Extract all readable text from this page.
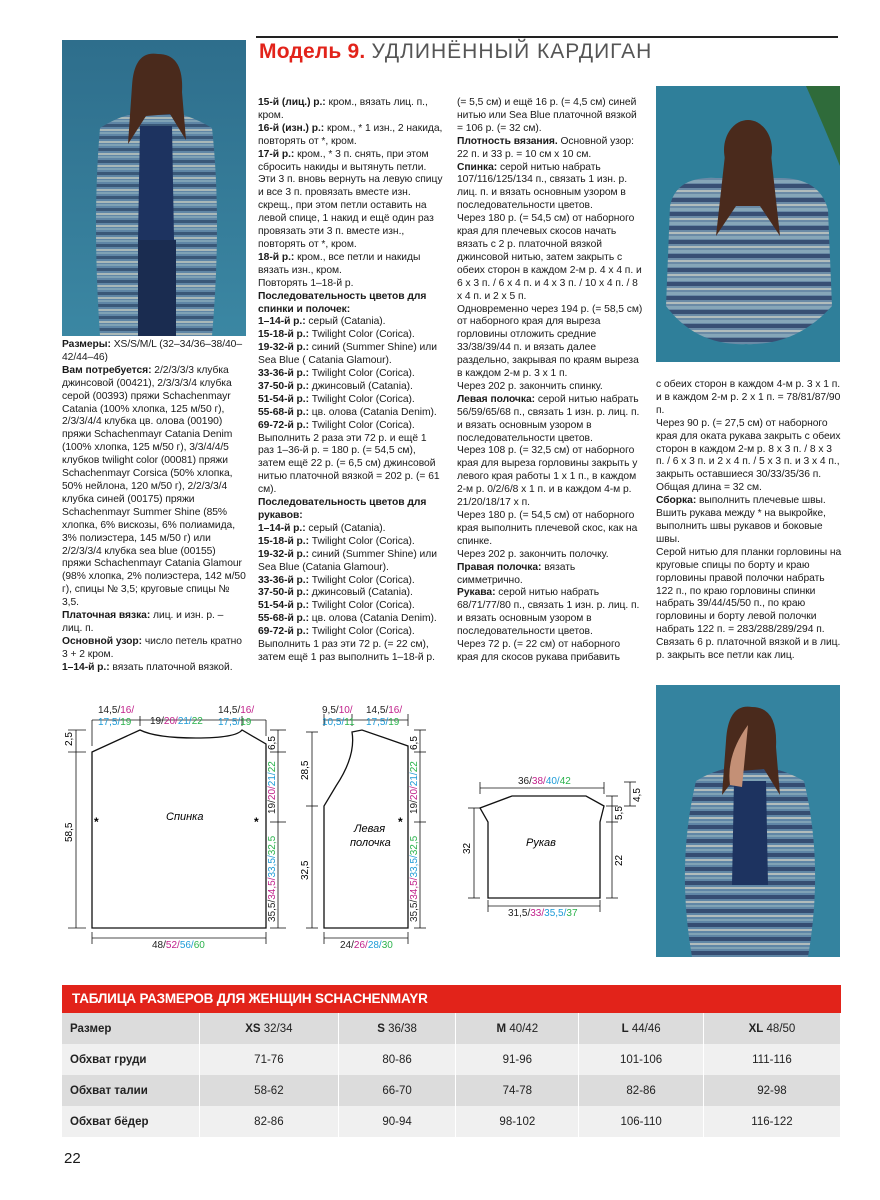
Модель 9. УДЛИНЁННЫЙ КАРДИГАН

Размеры: XS/S/M/L (32–34/36–38/40–42/44–46)

Вам потребуется: 2/2/3/3/3 клубка джинсовой (00421), 2/3/3/3/4 клубка серой (00393) пряжи Schachenmayr Catania (100% хлопка, 125 м/50 г), 2/3/3/4/4 клубка цв. олова (00190) пряжи Schachenmayr Catania Denim (100% хлопка, 125 м/50 г), 3/3/4/4/5 клубков twilight color (00081) пряжи Schachenmayr Corsica (50% хлопка, 50% нейлона, 120 м/50 г), 2/2/3/3/4 клубка синей (00175) пряжи Schachenmayr Summer Shine (85% хлопка, 6% вискозы, 6% полиамида, 3% полиэстера, 145 м/50 г) или 2/2/3/3/4 клубка sea blue (00155) пряжи Schachenmayr Catania Glamour (98% хлопка, 2% полиэстера, 142 м/50 г), спицы № 3,5; круговые спицы № 3,5.

Платочная вязка: лиц. и изн. р. – лиц. п.

Основной узор: число петель кратно 3 + 2 кром.

1–14-й р.: вязать платочной вязкой.

15-й (лиц.) р.: кром., вязать лиц. п., кром.

16-й (изн.) р.: кром., * 1 изн., 2 накида, повторять от *, кром.

17-й р.: кром., * 3 п. снять, при этом сбросить накиды и вытянуть петли. Эти 3 п. вновь вернуть на левую спицу и все 3 п. провязать вместе изн. скрещ., при этом петли оставить на левой спице, 1 накид и ещё один раз провязать эти 3 п. вместе изн., повторять от *, кром.

18-й р.: кром., все петли и накиды вязать изн., кром.

Повторять 1–18-й р.

Последовательность цветов для спинки и полочек:

1–14-й р.: серый (Catania).

15-18-й р.: Twilight Color (Corica).

19-32-й р.: синий (Summer Shine) или Sea Blue ( Catania Glamour).

33-36-й р.: Twilight Color (Corica).

37-50-й р.: джинсовый (Catania).

51-54-й р.: Twilight Color (Corica).

55-68-й р.: цв. олова (Catania Denim).

69-72-й р.: Twilight Color (Corica).

Выполнить 2 раза эти 72 р. и ещё 1 раз 1–36-й р. = 180 р. (= 54,5 см), затем ещё 22 р. (= 6,5 см) джинсовой нитью платочной вязкой = 202 р. (= 61 см).

Последовательность цветов для рукавов:

1–14-й р.: серый (Catania).

15-18-й р.: Twilight Color (Corica).

19-32-й р.: синий (Summer Shine) или Sea Blue (Catania Glamour).

33-36-й р.: Twilight Color (Corica).

37-50-й р.: джинсовый (Catania).

51-54-й р.: Twilight Color (Corica).

55-68-й р.: цв. олова (Catania Denim).

69-72-й р.: Twilight Color (Corica).

Выполнить 1 раз эти 72 р. (= 22 см), затем ещё 1 раз выполнить 1–18-й р.

(= 5,5 см) и ещё 16 р. (= 4,5 см) синей нитью или Sea Blue платочной вязкой = 106 р. (= 32 см).

Плотность вязания. Основной узор: 22 п. и 33 р. = 10 см х 10 см.

Спинка: серой нитью набрать 107/116/125/134 п., связать 1 изн. р. лиц. п. и вязать основным узором в последовательности цветов.

Через 180 р. (= 54,5 см) от наборного края для плечевых скосов начать вязать с 2 р. платочной вязкой джинсовой нитью, затем закрыть с обеих сторон в каждом 2-м р. 4 х 4 п. и 6 х 3 п. / 6 х 4 п. и 4 х 3 п. / 10 х 4 п. / 8 х 4 п. и 2 х 5 п.

Одновременно через 194 р. (= 58,5 см) от наборного края для выреза горловины отложить средние 33/38/39/44 п. и вязать далее раздельно, закрывая по краям выреза в каждом 2-м р. 3 х 1 п.

Через 202 р. закончить спинку.

Левая полочка: серой нитью набрать 56/59/65/68 п., связать 1 изн. р. лиц. п. и вязать основным узором в последовательности цветов.

Через 108 р. (= 32,5 см) от наборного края для выреза горловины закрыть у левого края работы 1 х 1 п., в каждом 2-м р. 0/2/6/8 х 1 п. и в каждом 4-м р. 21/20/18/17 х п.

Через 180 р. (= 54,5 см) от наборного края выполнить плечевой скос, как на спинке.

Через 202 р. закончить полочку.

Правая полочка: вязать симметрично.

Рукава: серой нитью набрать 68/71/77/80 п., связать 1 изн. р. лиц. п. и вязать основным узором в последовательности цветов.

Через 72 р. (= 22 см) от наборного края для скосов рукава прибавить

с обеих сторон в каждом 4-м р. 3 х 1 п. и в каждом 2-м р. 2 х 1 п. = 78/81/87/90 п.

Через 90 р. (= 27,5 см) от наборного края для оката рукава закрыть с обеих сторон в каждом 2-м р. 8 х 3 п. / 8 х 3 п. / 6 х 3 п. и 2 х 4 п. / 5 х 3 п. и 3 х 4 п., закрыть оставшиеся 30/33/35/36 п. Общая длина = 32 см.

Сборка: выполнить плечевые швы. Вшить рукава между * на выкройке, выполнить швы рукавов и боковые швы.

Серой нитью для планки горловины на круговые спицы по борту и краю горловины правой полочки набрать 122 п., по краю горловины спинки набрать 39/44/45/50 п., по краю горловины и борту левой полочки набрать 122 п. = 283/288/289/294 п. Связать 6 р. платочной вязкой и в лиц. р. закрыть все петли как лиц.

Спинка
*	*
14,5/16/
17,5/19 19/20/21/22
14,5/16/
17,5/19
48/52/56/60
58,5
2,5	6,5
19/20/21/22
35,5/34,5/33,5/32,5
Левая
полочка
*
9,5/10/
10,5/11
14,5/16/
17,5/19
24/26/28/30
28,5
32,5
6,5
19/20/21/22
35,5/34,5/33,5/32,5	Рукав
36/38/40/42
31,5/33/35,5/37
32
4,5
5,5
22
ТАБЛИЦА РАЗМЕРОВ ДЛЯ ЖЕНЩИН SCHACHENMAYR
Размер	XS 32/34	S 36/38	M 40/42	L 44/46	XL 48/50
Обхват груди	71-76	80-86	91-96	101-106	111-116
Обхват талии	58-62	66-70	74-78	82-86	92-98
Обхват бёдер	82-86	90-94	98-102	106-110	116-122
22
